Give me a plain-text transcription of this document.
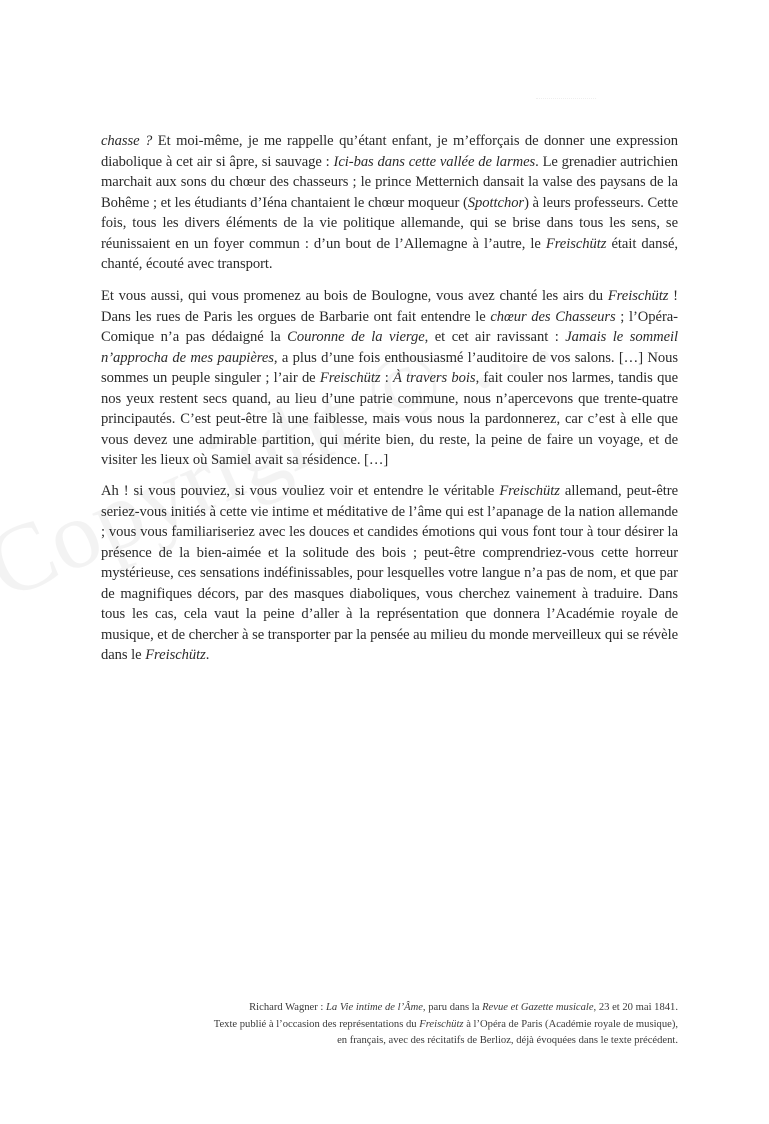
chasse ? Et moi-même, je me rappelle qu’étant enfant, je m’efforçais de donner une expression diabolique à cet air si âpre, si sauvage : Ici-bas dans cette vallée de larmes. Le grenadier autrichien marchait aux sons du chœur des chasseurs ; le prince Metternich dansait la valse des paysans de la Bohême ; et les étudiants d’Iéna chantaient le chœur moqueur (Spottchor) à leurs professeurs. Cette fois, tous les divers éléments de la vie politique allemande, qui se brise dans tous les sens, se réunissaient en un foyer commun : d’un bout de l’Allemagne à l’autre, le Freischütz était dansé, chanté, écouté avec transport.

Et vous aussi, qui vous promenez au bois de Boulogne, vous avez chanté les airs du Freischütz ! Dans les rues de Paris les orgues de Barbarie ont fait entendre le chœur des Chasseurs ; l’Opéra-Comique n’a pas dédaigné la Couronne de la vierge, et cet air ravissant : Jamais le sommeil n’approcha de mes paupières, a plus d’une fois enthousiasmé l’auditoire de vos salons. […] Nous sommes un peuple singuler ; l’air de Freischütz : À travers bois, fait couler nos larmes, tandis que nos yeux restent secs quand, au lieu d’une patrie commune, nous n’apercevons que trente-quatre principautés. C’est peut-être là une faiblesse, mais vous nous la pardonnerez, car c’est à elle que vous devez une admirable partition, qui mérite bien, du reste, la peine de faire un voyage, et de visiter les lieux où Samiel avait sa résidence. […]

Ah ! si vous pouviez, si vous vouliez voir et entendre le véritable Freischütz allemand, peut-être seriez-vous initiés à cette vie intime et méditative de l’âme qui est l’apanage de la nation allemande ; vous vous familiariseriez avec les douces et candides émotions qui vous font tour à tour désirer la présence de la bien-aimée et la solitude des bois ; peut-être comprendriez-vous cette horreur mystérieuse, ces sensations indéfinissables, pour lesquelles votre langue n’a pas de nom, et que par de magnifiques décors, par des masques diaboliques, vous cherchez vainement à traduire. Dans tous les cas, cela vaut la peine d’aller à la représentation que donnera l’Académie royale de musique, et de chercher à se transporter par la pensée au milieu du monde merveilleux qui se révèle dans le Freischütz.

Richard Wagner : La Vie intime de l’Âme, paru dans la Revue et Gazette musicale, 23 et 20 mai 1841.
Texte publié à l’occasion des représentations du Freischütz à l’Opéra de Paris (Académie royale de musique),
en français, avec des récitatifs de Berlioz, déjà évoquées dans le texte précédent.
